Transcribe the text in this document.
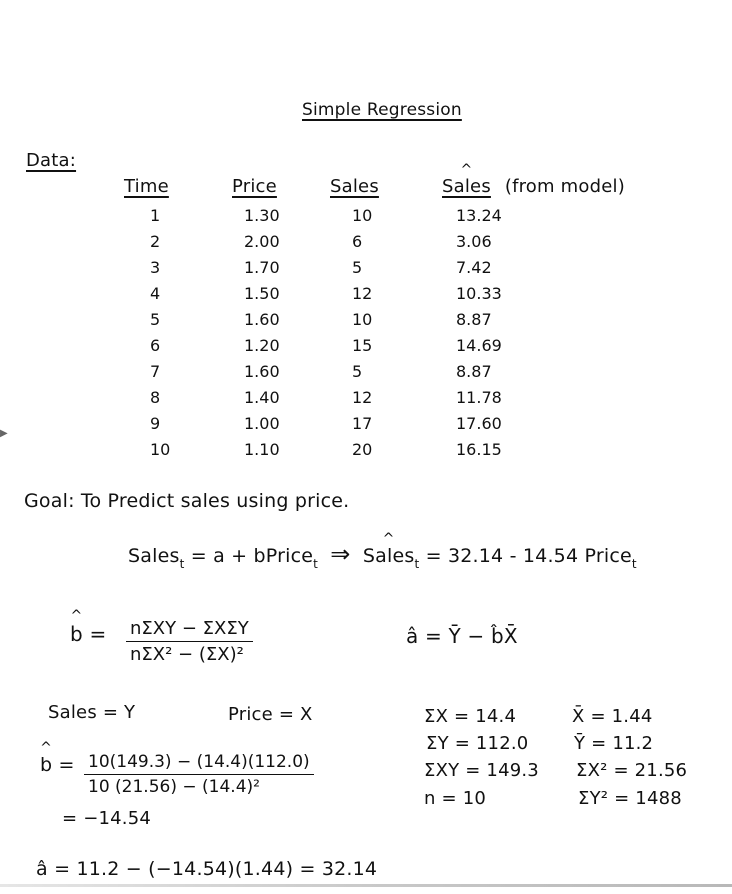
Simple Regression
Data:
Time	Price	Sales	^ Sales (from model)
1	1.30	10	13.24
2	2.00	6	3.06
3	1.70	5	7.42
4	1.50	12	10.33
5	1.60	10	8.87
6	1.20	15	14.69
7	1.60	5	8.87
8	1.40	12	11.78
9	1.00	17	17.60
10	1.10	20	16.15
Goal: To Predict sales using price.
Sales$_t$ = a + bPrice$_t$ ⇒ ^ Sales$_t$ = 32.14 - 14.54 Price$_t$
^ b = nΣXY − ΣXΣY
nΣX² − (ΣX)²
â = Ȳ − b̂X̄
Sales = Y	Price = X	ΣX = 14.4
ΣY = 112.0
ΣXY = 149.3
n = 10
X̄ = 1.44
Ȳ = 11.2
ΣX² = 21.56
ΣY² = 1488
^ b = 10(149.3) − (14.4)(112.0)
10 (21.56) − (14.4)²
= −14.54
â = 11.2 − (−14.54)(1.44) = 32.14
▶
